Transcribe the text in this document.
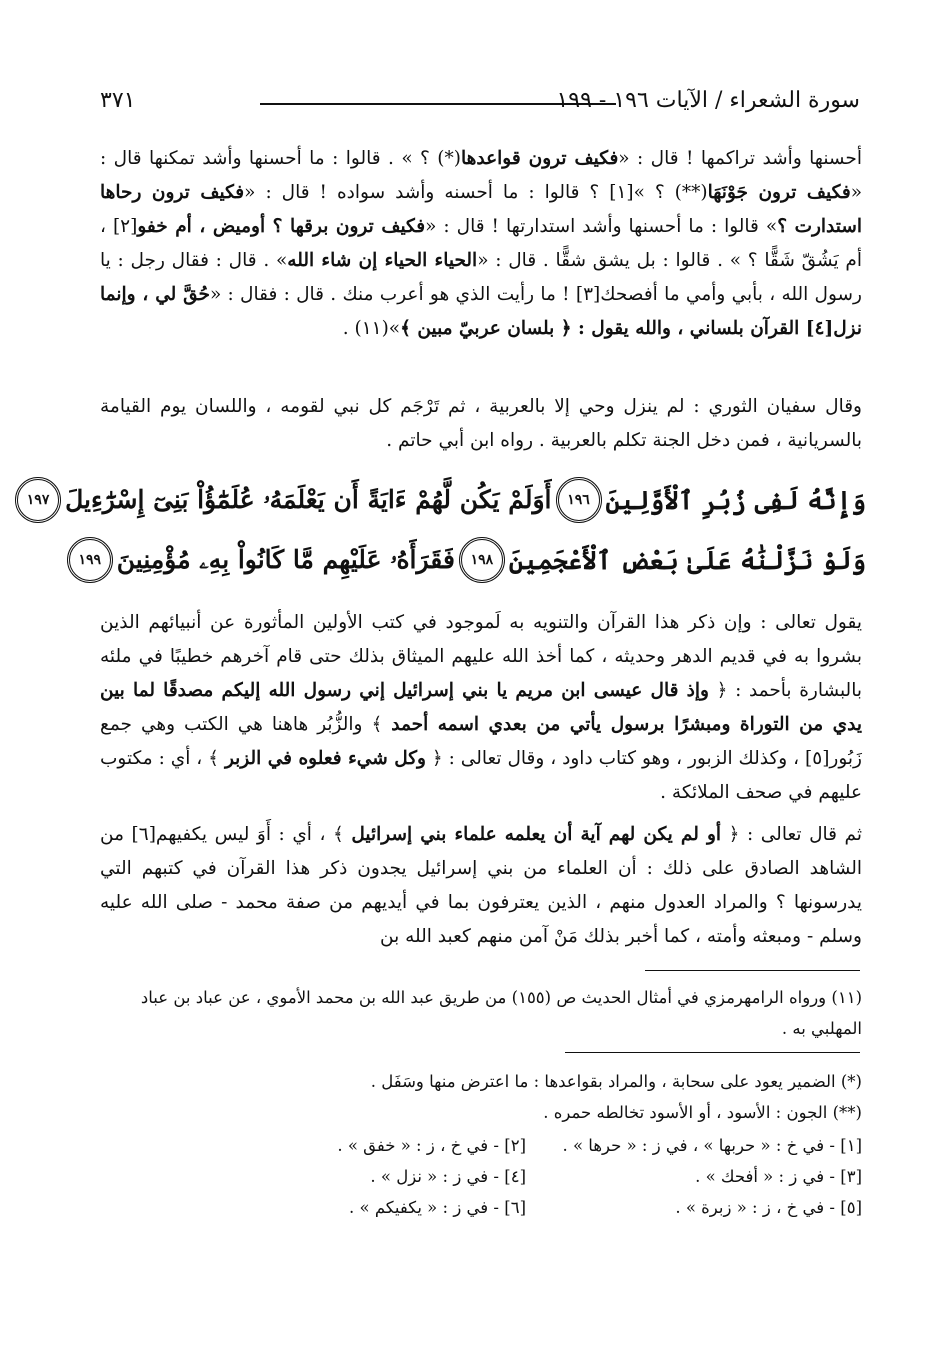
سورة الشعراء / الآيات ١٩٦ - ١٩٩
٣٧١
أحسنها وأشد تراكمها ! قال : «فكيف ترون قواعدها(*) ؟ » . قالوا : ما أحسنها وأشد تمكنها قال : «فكيف ترون جَوْنَهَا(**) ؟ »[١] ؟ قالوا : ما أحسنه وأشد سواده ! قال : «فكيف ترون رحاها استدارت ؟» قالوا : ما أحسنها وأشد استدارتها ! قال : «فكيف ترون برقها ؟ أوميض ، أم خفو[٢] ، أم يَشُقّ شَقًّا ؟ » . قالوا : بل يشق شقًّا . قال : «الحياء الحياء إن شاء الله» . قال : فقال رجل : يا رسول الله ، بأبي وأمي ما أفصحك[٣] ! ما رأيت الذي هو أعرب منك . قال : فقال : «حُقَّ لي ، وإنما نزل[٤] القرآن بلساني ، والله يقول : ﴿ بلسان عربيّ مبين ﴾»(١١) .
وقال سفيان الثوري : لم ينزل وحي إلا بالعربية ، ثم تَرْجَم كل نبي لقومه ، واللسان يوم القيامة بالسريانية ، فمن دخل الجنة تكلم بالعربية . رواه ابن أبي حاتم .
وَإِنَّهُ لَفِى زُبُرِ ٱلْأَوَّلِينَ
١٩٦
أَوَلَمْ يَكُن لَّهُمْ ءَايَةً أَن يَعْلَمَهُۥ عُلَمَٰٓؤُاْ بَنِىٓ إِسْرَٰٓءِيلَ
١٩٧
وَلَوْ نَزَّلْنَٰهُ عَلَىٰ بَعْضِ ٱلْأَعْجَمِينَ
١٩٨
فَقَرَأَهُۥ عَلَيْهِم مَّا كَانُواْ بِهِۦ مُؤْمِنِينَ
١٩٩
يقول تعالى : وإن ذكر هذا القرآن والتنويه به لَموجود في كتب الأولين المأثورة عن أنبيائهم الذين بشروا به في قديم الدهر وحديثه ، كما أخذ الله عليهم الميثاق بذلك حتى قام آخرهم خطيبًا في ملئه بالبشارة بأحمد : ﴿ وإذ قال عيسى ابن مريم يا بني إسرائيل إني رسول الله إليكم مصدقًا لما بين يدي من التوراة ومبشرًا برسول يأتي من بعدي اسمه أحمد ﴾ والزُّبُر هاهنا هي الكتب وهي جمع زَبُور[٥] ، وكذلك الزبور ، وهو كتاب داود ، وقال تعالى : ﴿ وكل شيء فعلوه في الزبر ﴾ ، أي : مكتوب عليهم في صحف الملائكة .
ثم قال تعالى : ﴿ أو لم يكن لهم آية أن يعلمه علماء بني إسرائيل ﴾ ، أي : أَوَ ليس يكفيهم[٦] من الشاهد الصادق على ذلك : أن العلماء من بني إسرائيل يجدون ذكر هذا القرآن في كتبهم التي يدرسونها ؟ والمراد العدول منهم ، الذين يعترفون بما في أيديهم من صفة محمد - صلى الله عليه وسلم - ومبعثه وأمته ، كما أخبر بذلك مَنْ آمن منهم كعبد الله بن
(١١) ورواه الرامهرمزي في أمثال الحديث ص (١٥٥) من طريق عبد الله بن محمد الأموي ، عن عباد بن عباد المهلبي به .
(*) الضمير يعود على سحابة ، والمراد بقواعدها : ما اعترض منها وسَفَل .
(**) الجون : الأسود ، أو الأسود تخالطه حمره .
[١] - في خ : « حربها » ، في ز : « حرها » .
[٢] - في خ ، ز : « خفق » .
[٣] - في ز : « أفحك » .
[٤] - في ز : « نزل » .
[٥] - في خ ، ز : « زبرة » .
[٦] - في ز : « يكفيكم » .
